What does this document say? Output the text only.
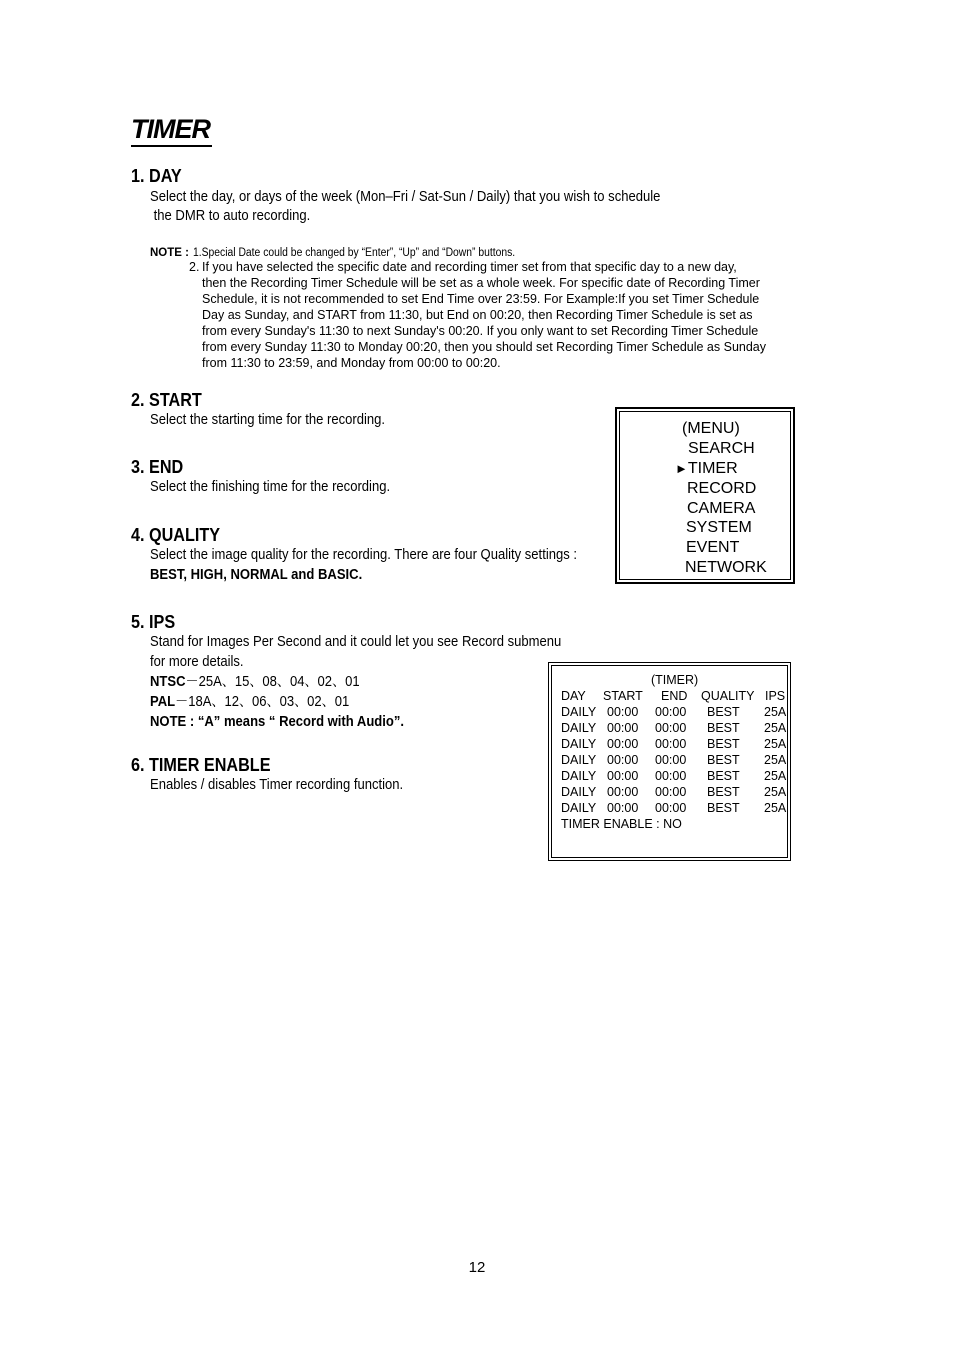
TIMER
1. DAY
Select the day, or days of the week (Mon–Fri / Sat-Sun / Daily) that you wish to schedule
the DMR to auto recording.
NOTE : 1.Special Date could be changed by “Enter”, “Up” and “Down” buttons.
2. If you have selected the specific date and recording timer set from that specific day to a new day,
then the Recording Timer Schedule will be set as a whole week. For specific date of Recording Timer
Schedule, it is not recommended to set End Time over 23:59. For Example:If you set Timer Schedule
Day as Sunday, and START from 11:30, but End on 00:20, then Recording Timer Schedule is set as
from every Sunday's 11:30 to next Sunday's 00:20. If you only want to set Recording Timer Schedule
from every Sunday 11:30 to Monday 00:20, then you should set Recording Timer Schedule as Sunday
from 11:30 to 23:59, and Monday from 00:00 to 00:20.
2. START
Select the starting time for the recording.
3. END
Select the finishing time for the recording.
4. QUALITY
Select the image quality for the recording. There are four Quality settings :
BEST, HIGH, NORMAL and BASIC.
5. IPS
Stand for Images Per Second and it could let you see Record submenu
for more details.
NTSC－25A、15、08、04、02、01
PAL－18A、12、06、03、02、01
NOTE : “A” means “ Record with Audio”.
6. TIMER ENABLE
Enables / disables Timer recording function.
(MENU)
SEARCH
►TIMER
RECORD
CAMERA
SYSTEM
EVENT
NETWORK
(TIMER)
DAY START END QUALITY IPS
DAILY 00:00 00:00 BEST 25A
DAILY 00:00 00:00 BEST 25A
DAILY 00:00 00:00 BEST 25A
DAILY 00:00 00:00 BEST 25A
DAILY 00:00 00:00 BEST 25A
DAILY 00:00 00:00 BEST 25A
DAILY 00:00 00:00 BEST 25A
TIMER ENABLE : NO
12
